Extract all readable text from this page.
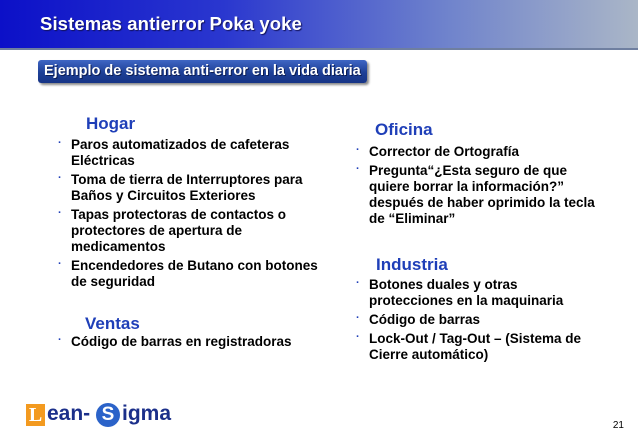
Sistemas antierror Poka yoke
Ejemplo de sistema anti-error en la vida diaria
Hogar
· Paros automatizados de cafeteras Eléctricas
· Toma de tierra de Interruptores para Baños y Circuitos Exteriores
· Tapas protectoras de contactos o protectores de apertura de medicamentos
· Encendedores de Butano con botones de seguridad
Ventas
· Código de barras en registradoras
Oficina
· Corrector de Ortografía
· Pregunta“¿Esta seguro de que quiere borrar la información?” después de haber oprimido la tecla de “Eliminar”
Industria
· Botones duales y otras protecciones en la maquinaria
· Código de barras
· Lock-Out / Tag-Out – (Sistema de Cierre automático)
L ean- S igma
21
